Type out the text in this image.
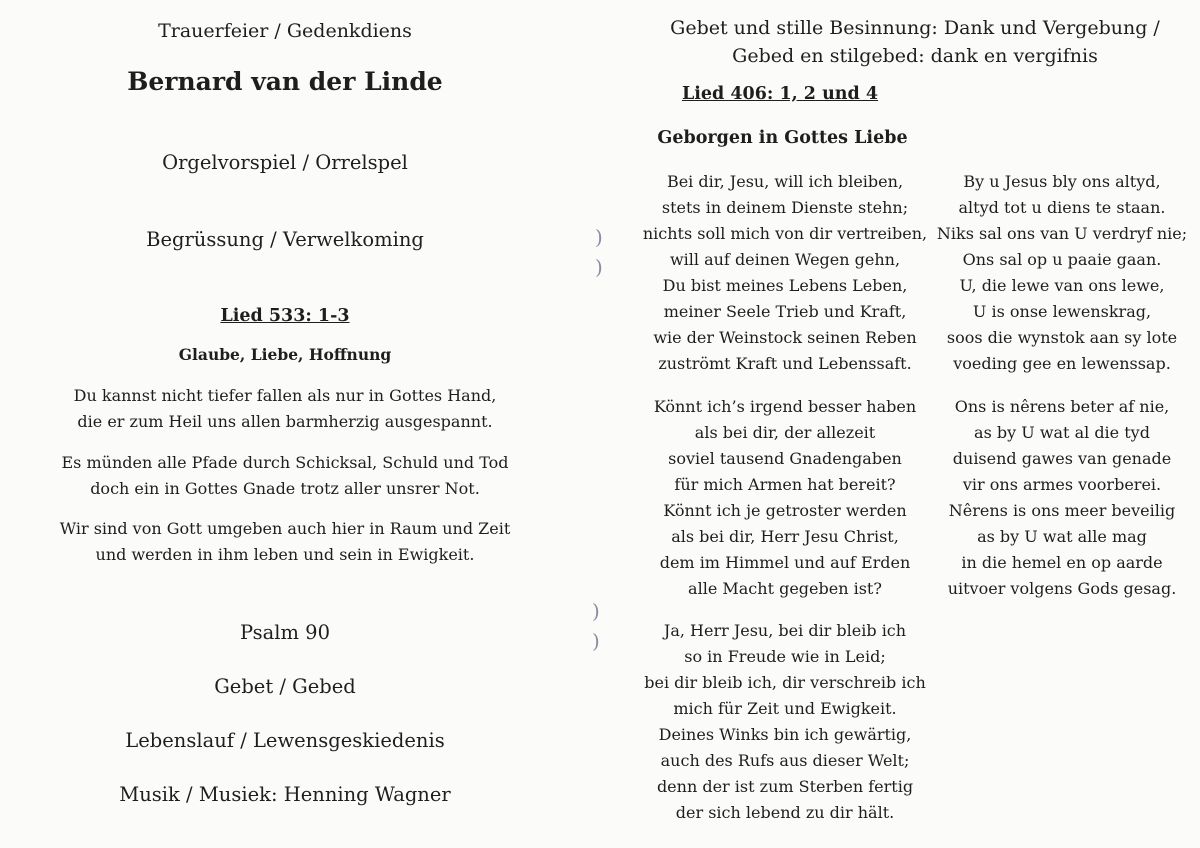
Trauerfeier / Gedenkdiens
Bernard van der Linde
Orgelvorspiel / Orrelspel
Begrüssung / Verwelkoming
Lied 533: 1-3
Glaube, Liebe, Hoffnung
Du kannst nicht tiefer fallen als nur in Gottes Hand,
die er zum Heil uns allen barmherzig ausgespannt.
Es münden alle Pfade durch Schicksal, Schuld und Tod
doch ein in Gottes Gnade trotz aller unsrer Not.
Wir sind von Gott umgeben auch hier in Raum und Zeit
und werden in ihm leben und sein in Ewigkeit.
Psalm 90
Gebet / Gebed
Lebenslauf / Lewensgeskiedenis
Musik / Musiek: Henning Wagner
)
)
)
)
Gebet und stille Besinnung: Dank und Vergebung /
Gebed en stilgebed: dank en vergifnis
Lied 406: 1, 2 und 4
Geborgen in Gottes Liebe
Bei dir, Jesu, will ich bleiben,
stets in deinem Dienste stehn;
nichts soll mich von dir vertreiben,
will auf deinen Wegen gehn,
Du bist meines Lebens Leben,
meiner Seele Trieb und Kraft,
wie der Weinstock seinen Reben
zuströmt Kraft und Lebenssaft.
Könnt ich’s irgend besser haben
als bei dir, der allezeit
soviel tausend Gnadengaben
für mich Armen hat bereit?
Könnt ich je getroster werden
als bei dir, Herr Jesu Christ,
dem im Himmel und auf Erden
alle Macht gegeben ist?
Ja, Herr Jesu, bei dir bleib ich
so in Freude wie in Leid;
bei dir bleib ich, dir verschreib ich
mich für Zeit und Ewigkeit.
Deines Winks bin ich gewärtig,
auch des Rufs aus dieser Welt;
denn der ist zum Sterben fertig
der sich lebend zu dir hält.
By u Jesus bly ons altyd,
altyd tot u diens te staan.
Niks sal ons van U verdryf nie;
Ons sal op u paaie gaan.
U, die lewe van ons lewe,
U is onse lewenskrag,
soos die wynstok aan sy lote
voeding gee en lewenssap.
Ons is nêrens beter af nie,
as by U wat al die tyd
duisend gawes van genade
vir ons armes voorberei.
Nêrens is ons meer beveilig
as by U wat alle mag
in die hemel en op aarde
uitvoer volgens Gods gesag.
